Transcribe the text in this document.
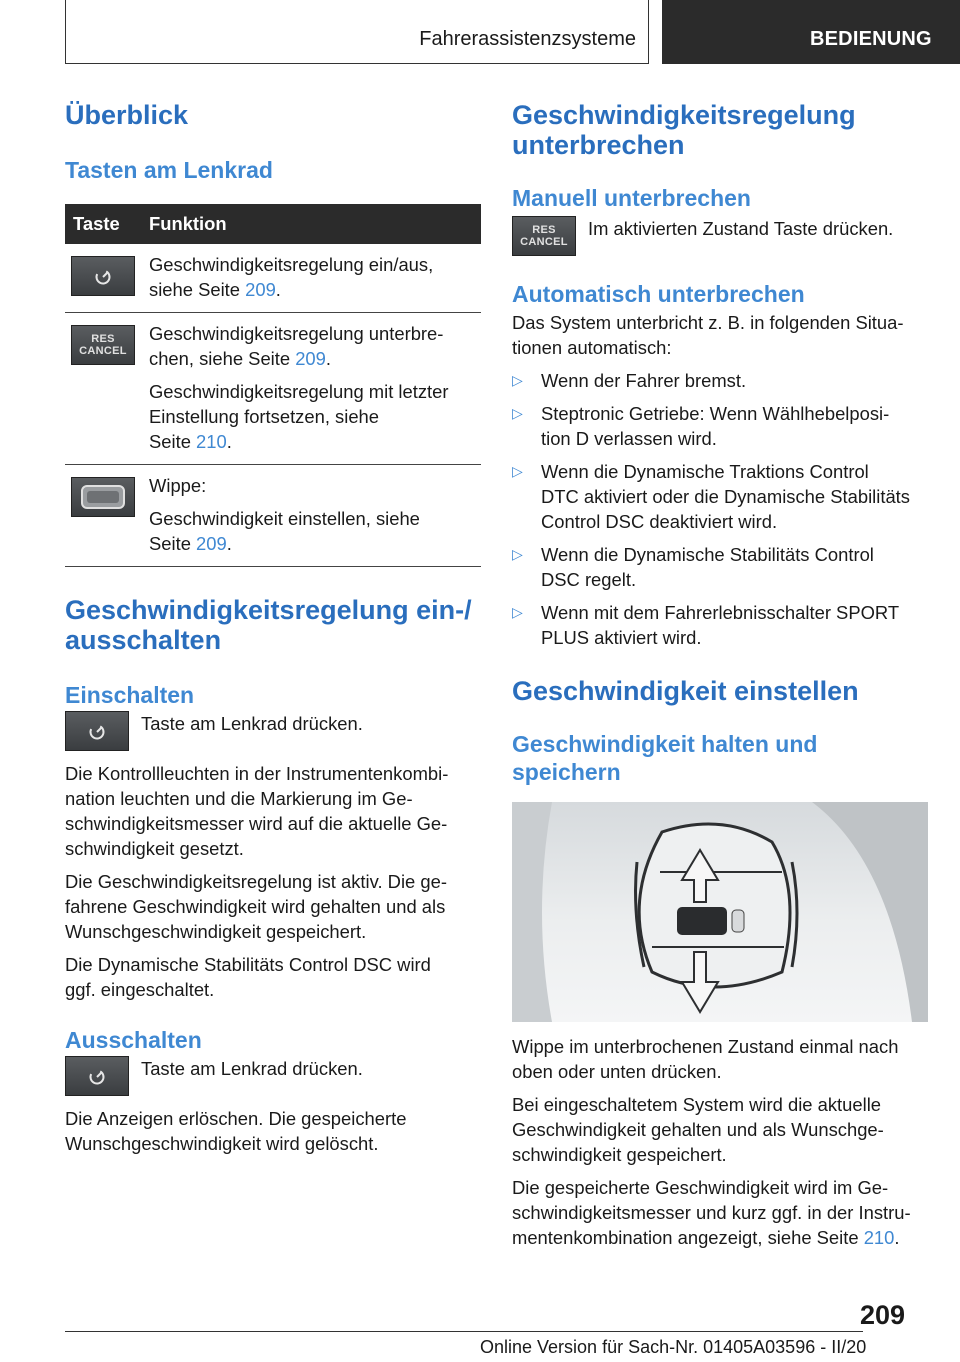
Fahrerassistenzsysteme	BEDIENUNG
Überblick
Tasten am Lenkrad
Taste	Funktion
Geschwindigkeitsregelung ein/aus,
siehe Seite 209.
RES
CANCEL
Geschwindigkeitsregelung unterbre-
chen, siehe Seite 209.
Geschwindigkeitsregelung mit letzter
Einstellung fortsetzen, siehe
Seite 210.
Wippe:
Geschwindigkeit einstellen, siehe
Seite 209.
Geschwindigkeitsregelung ein-/
ausschalten
Einschalten
Taste am Lenkrad drücken.
Die Kontrollleuchten in der Instrumentenkombi-
nation leuchten und die Markierung im Ge-
schwindigkeitsmesser wird auf die aktuelle Ge-
schwindigkeit gesetzt.
Die Geschwindigkeitsregelung ist aktiv. Die ge-
fahrene Geschwindigkeit wird gehalten und als
Wunschgeschwindigkeit gespeichert.
Die Dynamische Stabilitäts Control DSC wird
ggf. eingeschaltet.
Ausschalten
Taste am Lenkrad drücken.
Die Anzeigen erlöschen. Die gespeicherte
Wunschgeschwindigkeit wird gelöscht.
Geschwindigkeitsregelung
unterbrechen
Manuell unterbrechen
RES
CANCEL
Im aktivierten Zustand Taste drücken.
Automatisch unterbrechen
Das System unterbricht z. B. in folgenden Situa-
tionen automatisch:
▷ Wenn der Fahrer bremst.
▷ Steptronic Getriebe: Wenn Wählhebelposi-
tion D verlassen wird.
▷ Wenn die Dynamische Traktions Control
DTC aktiviert oder die Dynamische Stabilitäts
Control DSC deaktiviert wird.
▷ Wenn die Dynamische Stabilitäts Control
DSC regelt.
▷ Wenn mit dem Fahrerlebnisschalter SPORT
PLUS aktiviert wird.
Geschwindigkeit einstellen
Geschwindigkeit halten und
speichern
Wippe im unterbrochenen Zustand einmal nach
oben oder unten drücken.
Bei eingeschaltetem System wird die aktuelle
Geschwindigkeit gehalten und als Wunschge-
schwindigkeit gespeichert.
Die gespeicherte Geschwindigkeit wird im Ge-
schwindigkeitsmesser und kurz ggf. in der Instru-
mentenkombination angezeigt, siehe Seite 210.
209
Online Version für Sach-Nr. 01405A03596 - II/20
